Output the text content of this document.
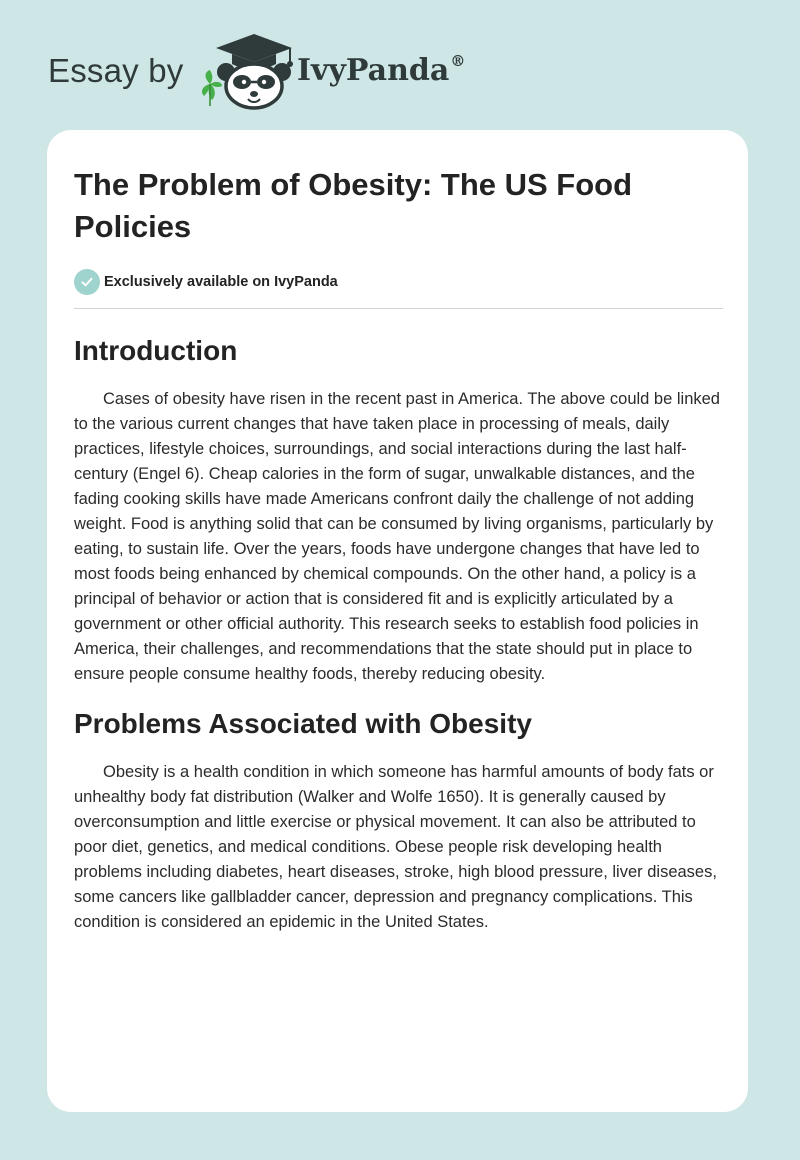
Essay by	IvyPanda®
The Problem of Obesity: The US Food Policies
Exclusively available on IvyPanda
Introduction

Cases of obesity have risen in the recent past in America. The above could be linked to the various current changes that have taken place in processing of meals, daily practices, lifestyle choices, surroundings, and social interactions during the last half-century (Engel 6). Cheap calories in the form of sugar, unwalkable distances, and the fading cooking skills have made Americans confront daily the challenge of not adding weight. Food is anything solid that can be consumed by living organisms, particularly by eating, to sustain life. Over the years, foods have undergone changes that have led to most foods being enhanced by chemical compounds. On the other hand, a policy is a principal of behavior or action that is considered fit and is explicitly articulated by a government or other official authority. This research seeks to establish food policies in America, their challenges, and recommendations that the state should put in place to ensure people consume healthy foods, thereby reducing obesity.

Problems Associated with Obesity

Obesity is a health condition in which someone has harmful amounts of body fats or unhealthy body fat distribution (Walker and Wolfe 1650). It is generally caused by overconsumption and little exercise or physical movement. It can also be attributed to poor diet, genetics, and medical conditions. Obese people risk developing health problems including diabetes, heart diseases, stroke, high blood pressure, liver diseases, some cancers like gallbladder cancer, depression and pregnancy complications. This condition is considered an epidemic in the United States.
